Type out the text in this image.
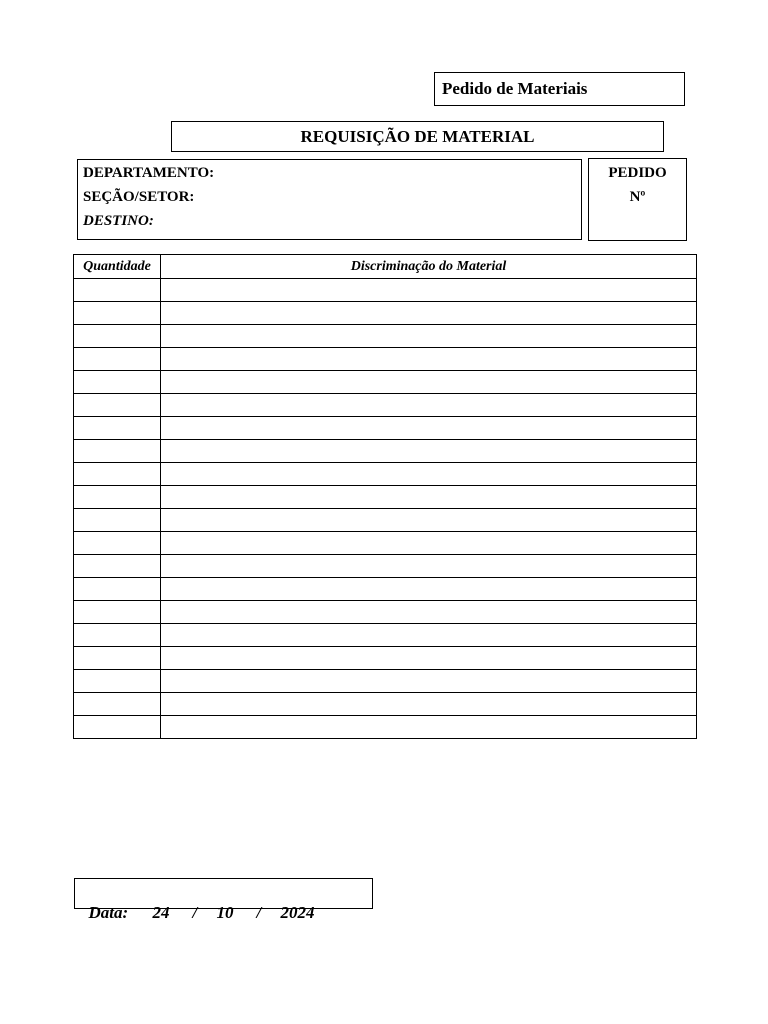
Pedido de Materiais
REQUISIÇÃO DE MATERIAL
DEPARTAMENTO:
SEÇÃO/SETOR:
DESTINO:
PEDIDO
Nº
Quantidade	Discriminação do Material

Data: 24 / 10 / 2024
